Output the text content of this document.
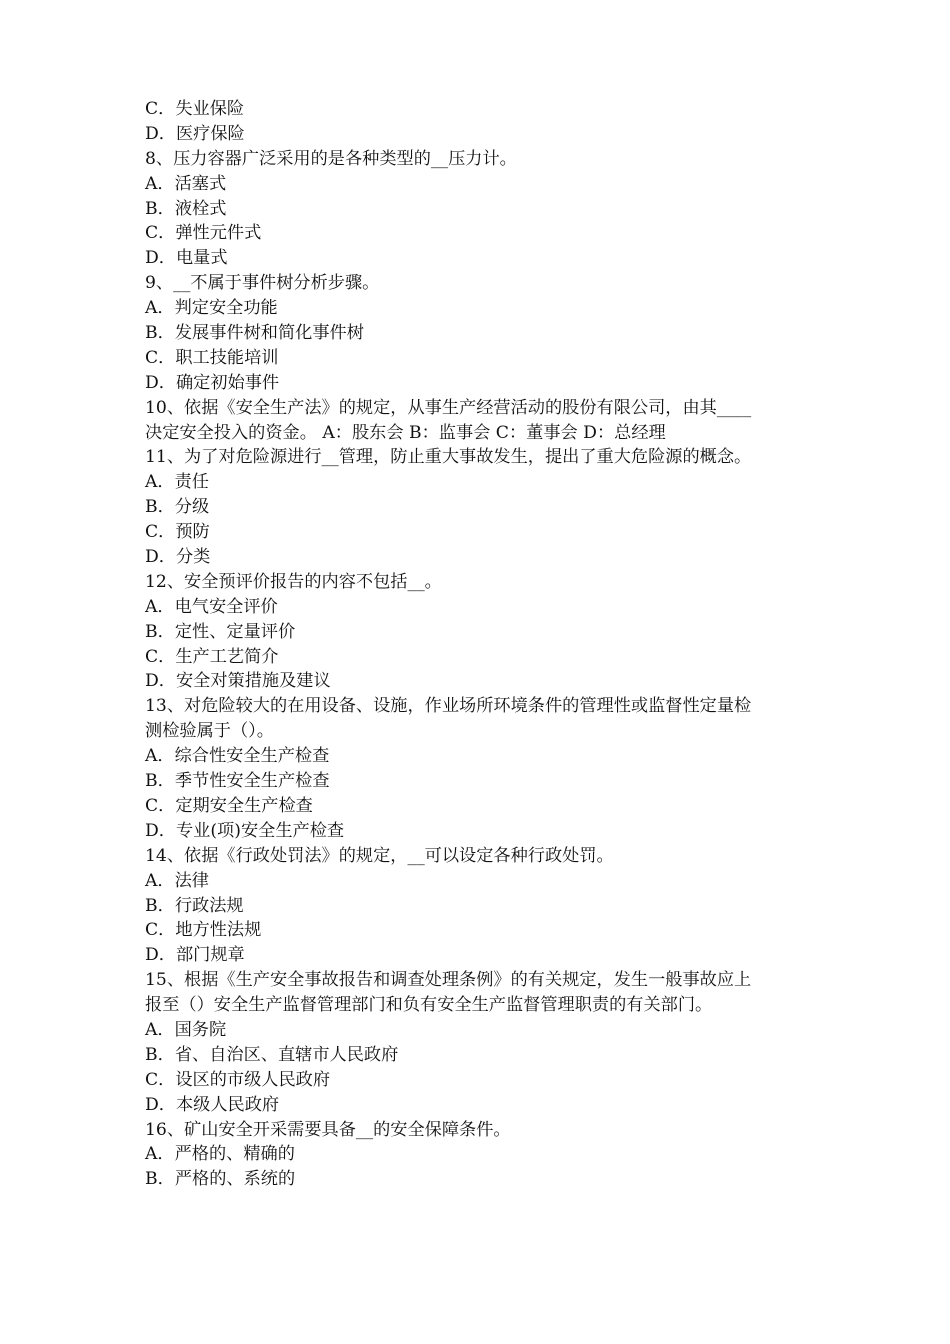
C．失业保险
D．医疗保险
8、压力容器广泛采用的是各种类型的__压力计。
A．活塞式
B．液栓式
C．弹性元件式
D．电量式
9、__不属于事件树分析步骤。
A．判定安全功能
B．发展事件树和简化事件树
C．职工技能培训
D．确定初始事件
10、依据《安全生产法》的规定，从事生产经营活动的股份有限公司，由其____
决定安全投入的资金。 A：股东会 B：监事会 C：董事会 D：总经理
11、为了对危险源进行__管理，防止重大事故发生，提出了重大危险源的概念。
A．责任
B．分级
C．预防
D．分类
12、安全预评价报告的内容不包括__。
A．电气安全评价
B．定性、定量评价
C．生产工艺简介
D．安全对策措施及建议
13、对危险较大的在用设备、设施，作业场所环境条件的管理性或监督性定量检
测检验属于（）。
A．综合性安全生产检查
B．季节性安全生产检查
C．定期安全生产检查
D．专业(项)安全生产检查
14、依据《行政处罚法》的规定，__可以设定各种行政处罚。
A．法律
B．行政法规
C．地方性法规
D．部门规章
15、根据《生产安全事故报告和调查处理条例》的有关规定，发生一般事故应上
报至（）安全生产监督管理部门和负有安全生产监督管理职责的有关部门。
A．国务院
B．省、自治区、直辖市人民政府
C．设区的市级人民政府
D．本级人民政府
16、矿山安全开采需要具备__的安全保障条件。
A．严格的、精确的
B．严格的、系统的
